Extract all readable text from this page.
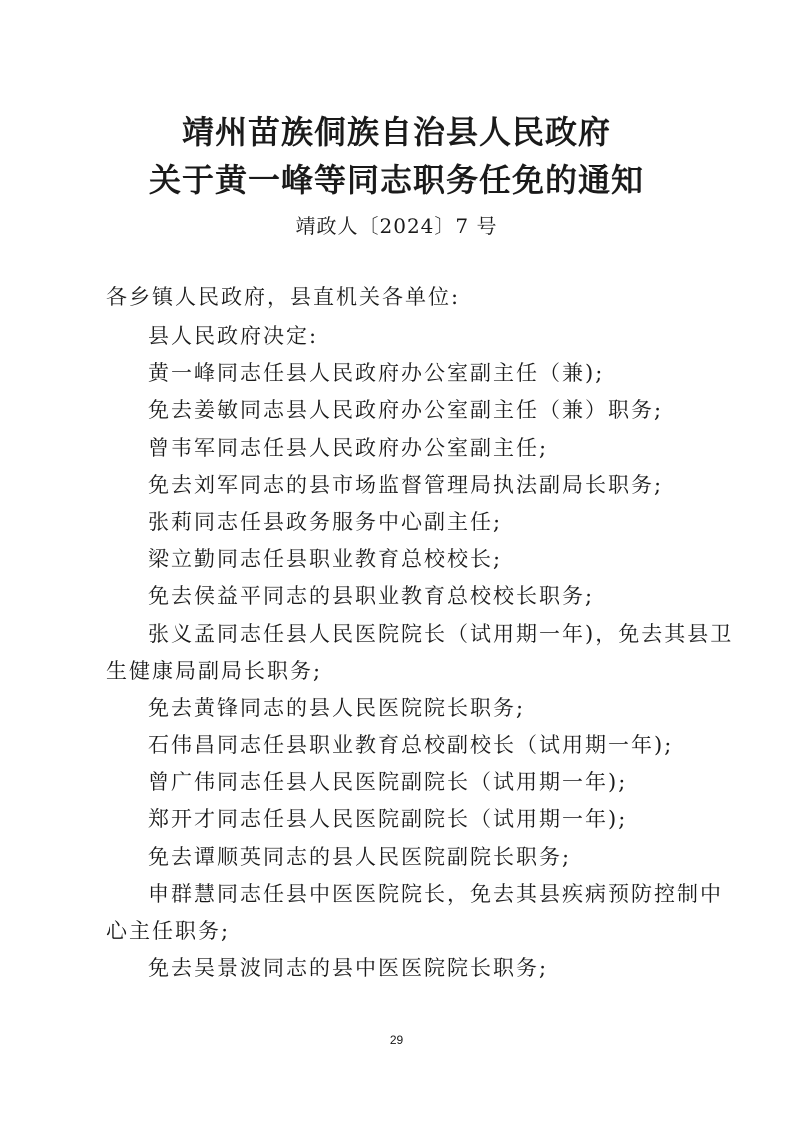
靖州苗族侗族自治县人民政府
关于黄一峰等同志职务任免的通知
靖政人〔2024〕7 号
各乡镇人民政府，县直机关各单位:
县人民政府决定:
黄一峰同志任县人民政府办公室副主任（兼);
免去姜敏同志县人民政府办公室副主任（兼）职务;
曾韦军同志任县人民政府办公室副主任;
免去刘军同志的县市场监督管理局执法副局长职务;
张莉同志任县政务服务中心副主任;
梁立勤同志任县职业教育总校校长;
免去侯益平同志的县职业教育总校校长职务;
张义孟同志任县人民医院院长（试用期一年)，免去其县卫
生健康局副局长职务;
免去黄锋同志的县人民医院院长职务;
石伟昌同志任县职业教育总校副校长（试用期一年);
曾广伟同志任县人民医院副院长（试用期一年);
郑开才同志任县人民医院副院长（试用期一年);
免去谭顺英同志的县人民医院副院长职务;
申群慧同志任县中医医院院长，免去其县疾病预防控制中
心主任职务;
免去吴景波同志的县中医医院院长职务;
29
